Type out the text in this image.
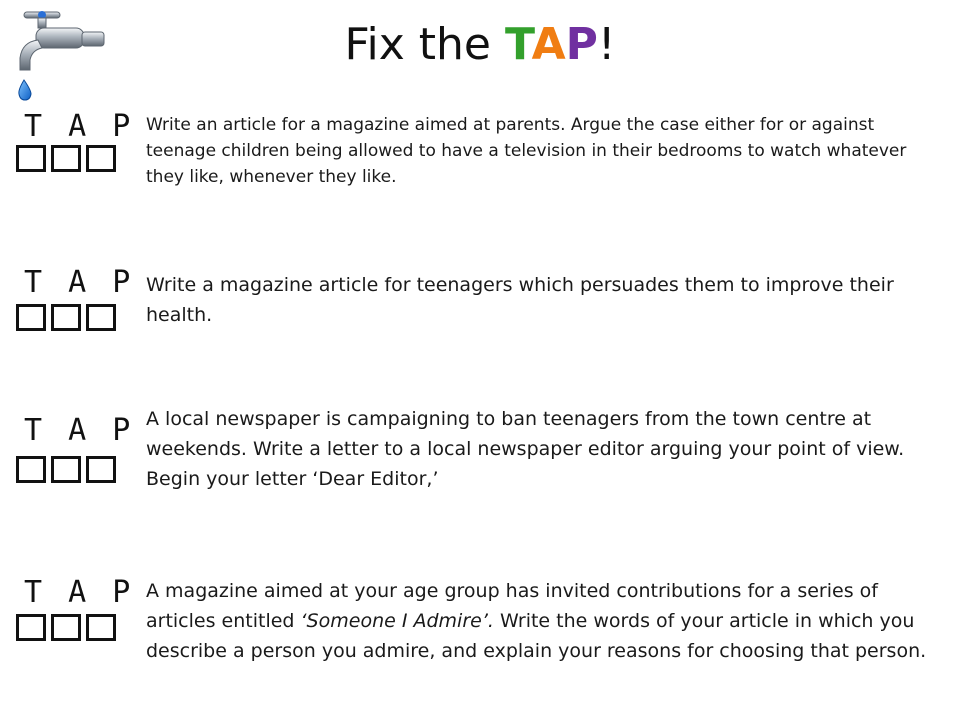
Fix the TAP!
T A P Write an article for a magazine aimed at parents. Argue the case either for or against teenage children being allowed to have a television in their bedrooms to watch whatever they like, whenever they like.
T A P Write a magazine article for teenagers which persuades them to improve their health.
T A P A local newspaper is campaigning to ban teenagers from the town centre at weekends. Write a letter to a local newspaper editor arguing your point of view.
Begin your letter ‘Dear Editor,’
T A P A magazine aimed at your age group has invited contributions for a series of articles entitled ‘Someone I Admire’. Write the words of your article in which you describe a person you admire, and explain your reasons for choosing that person.
